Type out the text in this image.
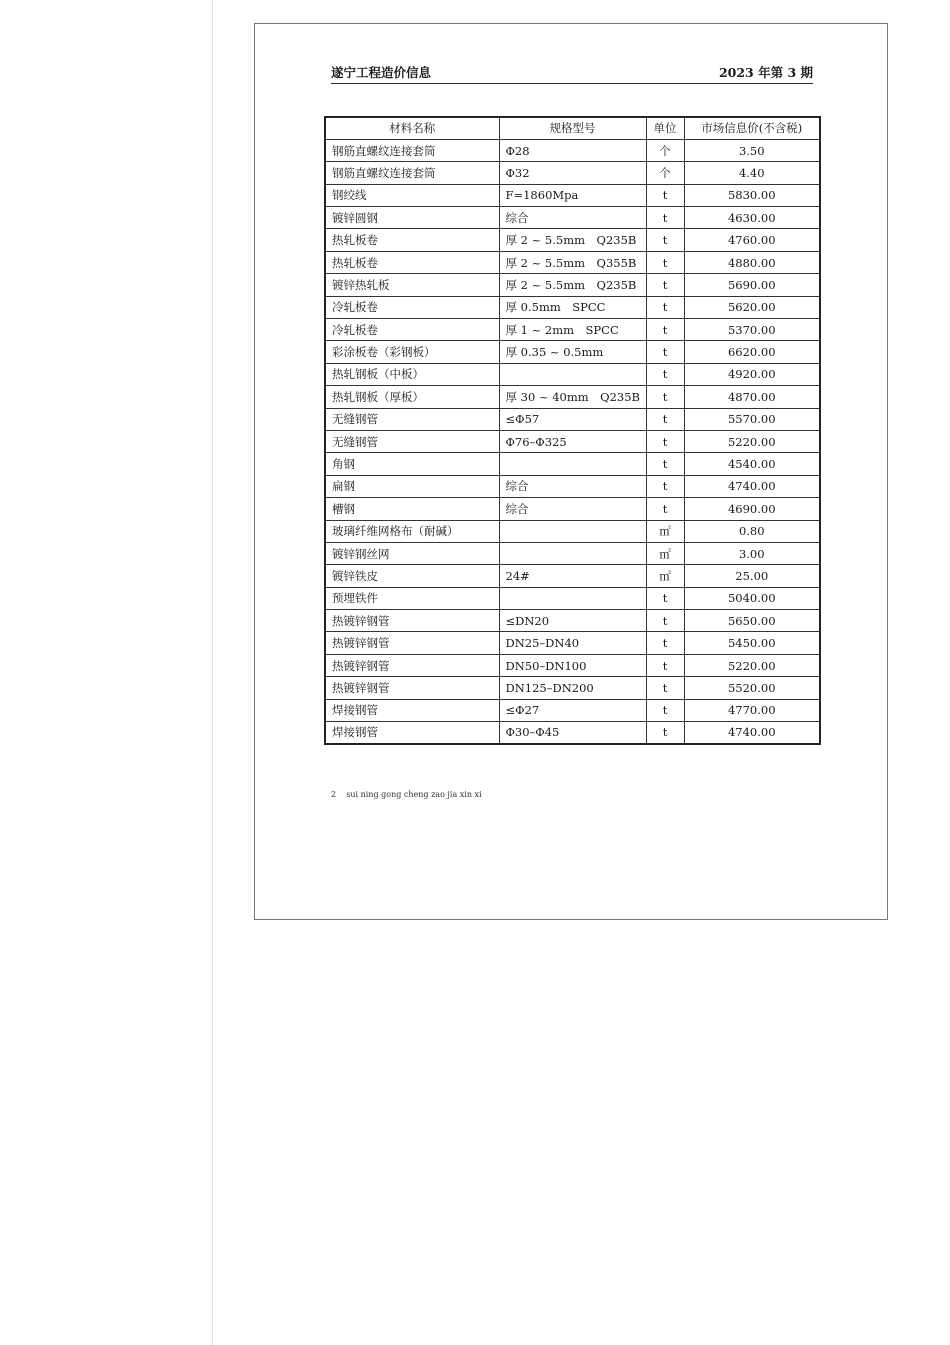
遂宁工程造价信息	2023 年第 3 期
材料名称	规格型号	单位	市场信息价(不含税)
钢筋直螺纹连接套筒	Φ28	个	3.50
钢筋直螺纹连接套筒	Φ32	个	4.40
钢绞线	F=1860Mpa	t	5830.00
镀锌圆钢	综合	t	4630.00
热轧板卷	厚 2 ~ 5.5mm　Q235B	t	4760.00
热轧板卷	厚 2 ~ 5.5mm　Q355B	t	4880.00
镀锌热轧板	厚 2 ~ 5.5mm　Q235B	t	5690.00
冷轧板卷	厚 0.5mm　SPCC	t	5620.00
冷轧板卷	厚 1 ~ 2mm　SPCC	t	5370.00
彩涂板卷（彩钢板）	厚 0.35 ~ 0.5mm	t	6620.00
热轧钢板（中板）		t	4920.00
热轧钢板（厚板）	厚 30 ~ 40mm　Q235B	t	4870.00
无缝钢管	≤Φ57	t	5570.00
无缝钢管	Φ76–Φ325	t	5220.00
角钢		t	4540.00
扁钢	综合	t	4740.00
槽钢	综合	t	4690.00
玻璃纤维网格布（耐碱）		㎡	0.80
镀锌钢丝网		㎡	3.00
镀锌铁皮	24#	㎡	25.00
预埋铁件		t	5040.00
热镀锌钢管	≤DN20	t	5650.00
热镀锌钢管	DN25–DN40	t	5450.00
热镀锌钢管	DN50–DN100	t	5220.00
热镀锌钢管	DN125–DN200	t	5520.00
焊接钢管	≤Φ27	t	4770.00
焊接钢管	Φ30–Φ45	t	4740.00
2 sui ning gong cheng zao jia xin xi
